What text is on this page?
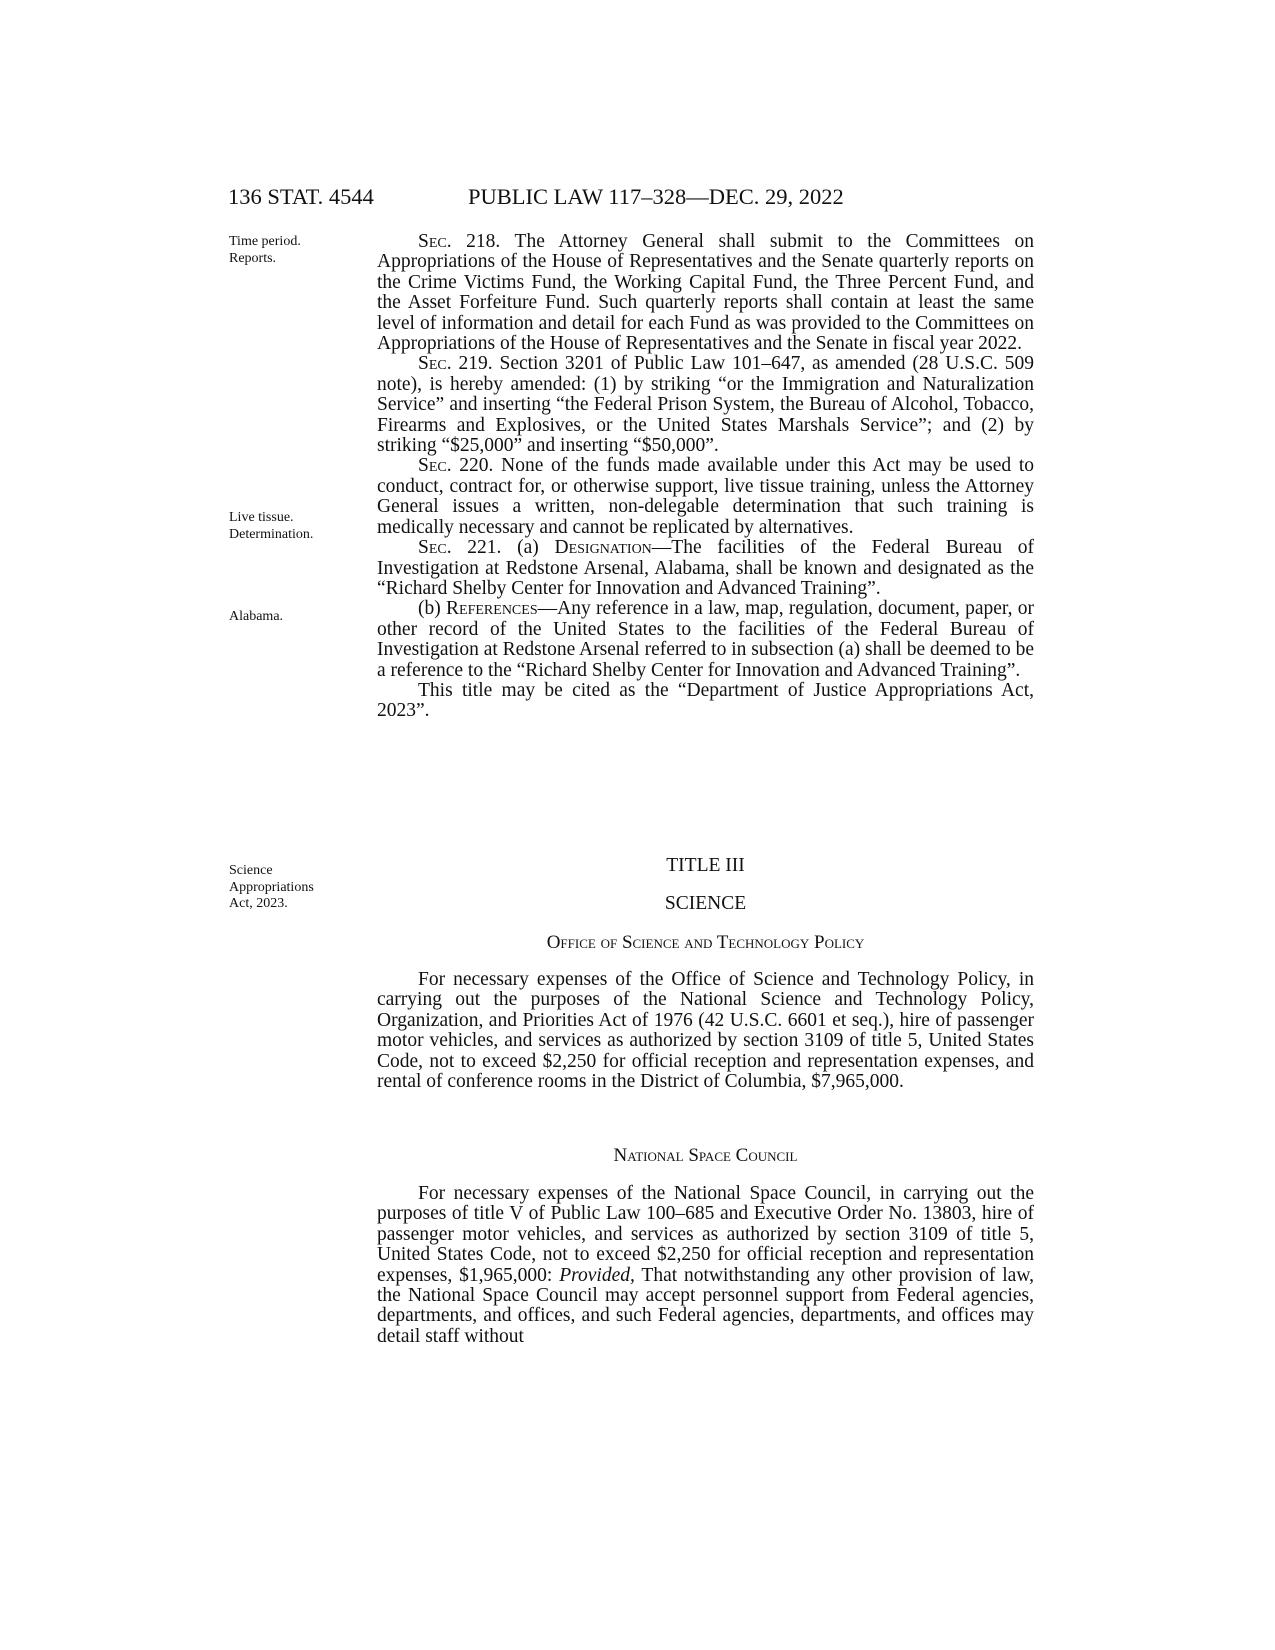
136 STAT. 4544	PUBLIC LAW 117–328—DEC. 29, 2022
Time period.
Reports.
Live tissue.
Determination.
Alabama.
Science
Appropriations
Act, 2023.

Sec. 218. The Attorney General shall submit to the Committees on Appropriations of the House of Representatives and the Senate quarterly reports on the Crime Victims Fund, the Working Capital Fund, the Three Percent Fund, and the Asset Forfeiture Fund. Such quarterly reports shall contain at least the same level of information and detail for each Fund as was provided to the Committees on Appropriations of the House of Representatives and the Senate in fiscal year 2022.

Sec. 219. Section 3201 of Public Law 101–647, as amended (28 U.S.C. 509 note), is hereby amended: (1) by striking “or the Immigration and Naturalization Service” and inserting “the Federal Prison System, the Bureau of Alcohol, Tobacco, Firearms and Explosives, or the United States Marshals Service”; and (2) by striking “$25,000” and inserting “$50,000”.

Sec. 220. None of the funds made available under this Act may be used to conduct, contract for, or otherwise support, live tissue training, unless the Attorney General issues a written, non-delegable determination that such training is medically necessary and cannot be replicated by alternatives.

Sec. 221. (a) Designation—The facilities of the Federal Bureau of Investigation at Redstone Arsenal, Alabama, shall be known and designated as the “Richard Shelby Center for Innovation and Advanced Training”.

(b) References—Any reference in a law, map, regulation, document, paper, or other record of the United States to the facilities of the Federal Bureau of Investigation at Redstone Arsenal referred to in subsection (a) shall be deemed to be a reference to the “Richard Shelby Center for Innovation and Advanced Training”.

This title may be cited as the “Department of Justice Appropriations Act, 2023”.

TITLE III
SCIENCE
Office of Science and Technology Policy

For necessary expenses of the Office of Science and Technology Policy, in carrying out the purposes of the National Science and Technology Policy, Organization, and Priorities Act of 1976 (42 U.S.C. 6601 et seq.), hire of passenger motor vehicles, and services as authorized by section 3109 of title 5, United States Code, not to exceed $2,250 for official reception and representation expenses, and rental of conference rooms in the District of Columbia, $7,965,000.

National Space Council

For necessary expenses of the National Space Council, in carrying out the purposes of title V of Public Law 100–685 and Executive Order No. 13803, hire of passenger motor vehicles, and services as authorized by section 3109 of title 5, United States Code, not to exceed $2,250 for official reception and representation expenses, $1,965,000: Provided, That notwithstanding any other provision of law, the National Space Council may accept personnel support from Federal agencies, departments, and offices, and such Federal agencies, departments, and offices may detail staff without
